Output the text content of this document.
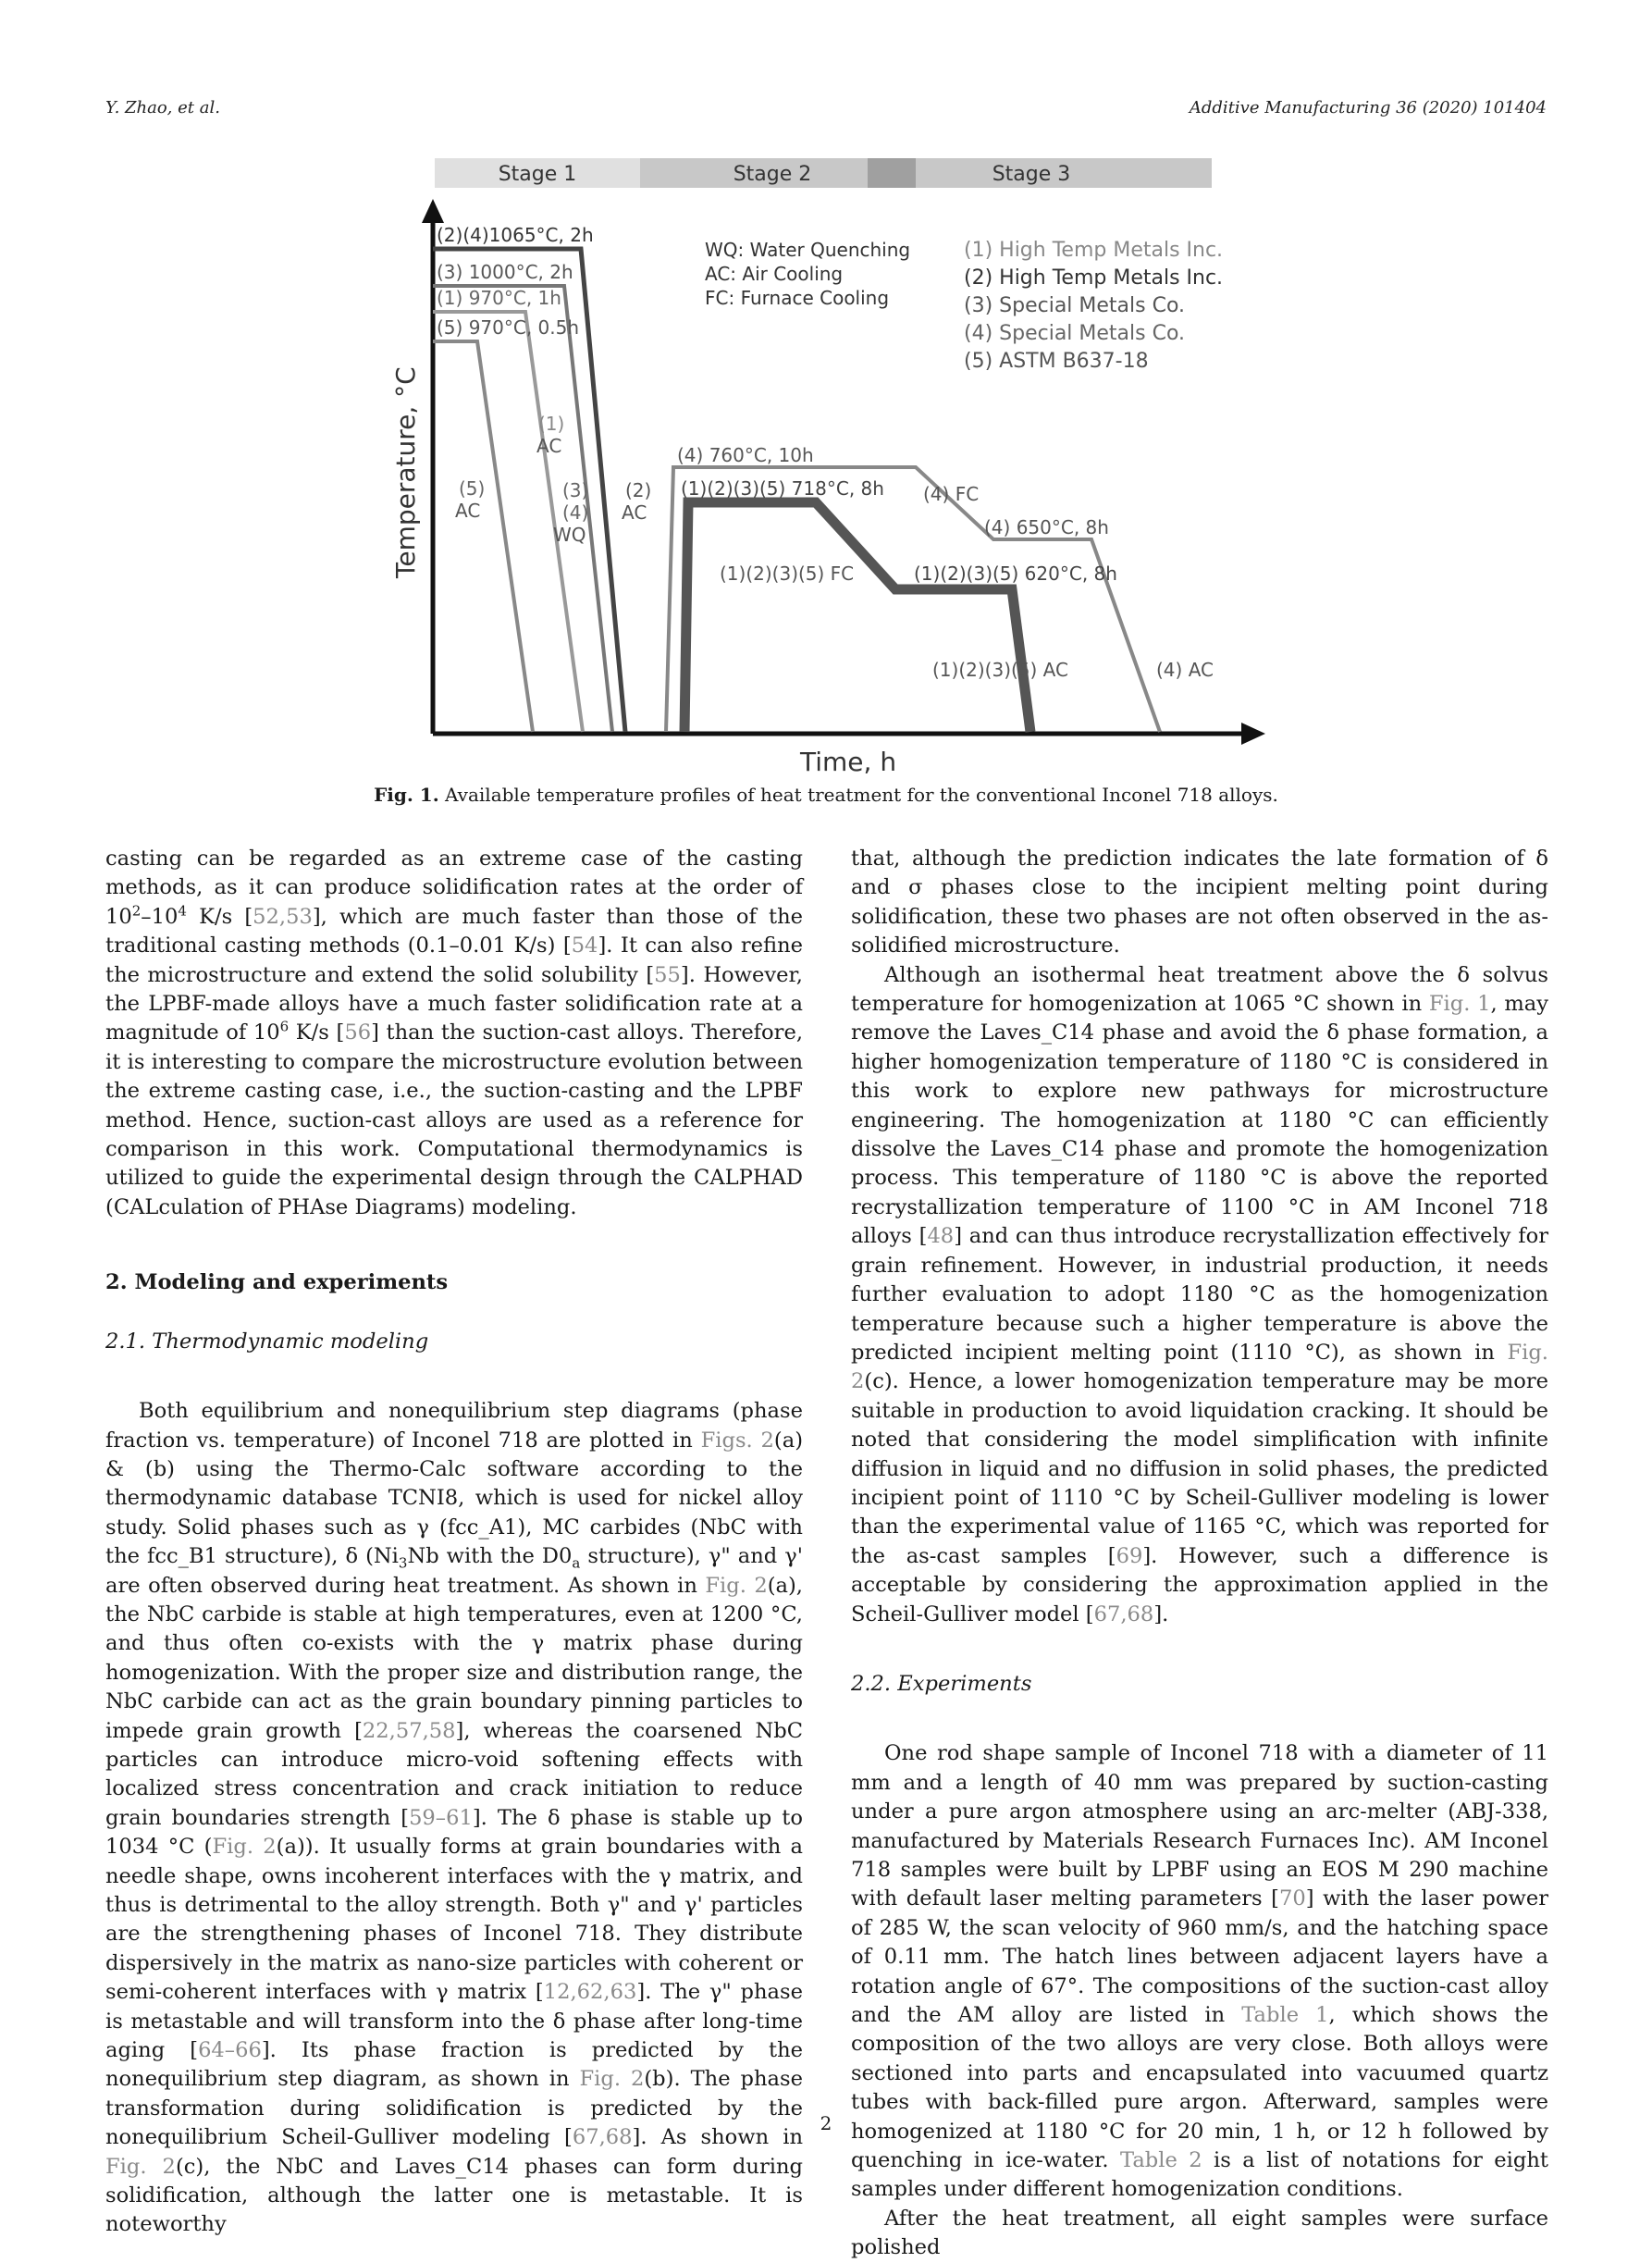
Y. Zhao, et al.	Additive Manufacturing 36 (2020) 101404
Stage 1	Stage 2	Stage 3
Temperature, °C
Time, h
(2)(4)1065°C, 2h
(3) 1000°C, 2h
(1) 970°C, 1h
(5) 970°C, 0.5h
(1)
AC
(5)
AC
(3)
(4)
WQ
(2)
AC
(4) 760°C, 10h
(1)(2)(3)(5) 718°C, 8h (4) FC
(1)(2)(3)(5) FC
(4) 650°C, 8h
(1)(2)(3)(5) 620°C, 8h
(1)(2)(3)(5) AC	(4) AC
WQ: Water Quenching
AC: Air Cooling
FC: Furnace Cooling
(1) High Temp Metals Inc.
(2) High Temp Metals Inc.
(3) Special Metals Co.
(4) Special Metals Co.
(5) ASTM B637-18
Fig. 1. Available temperature profiles of heat treatment for the conventional Inconel 718 alloys.

casting can be regarded as an extreme case of the casting methods, as it can produce solidification rates at the order of $10^2-10^4$ K/s [52,53], which are much faster than those of the traditional casting methods (0.1–0.01 K/s) [54]. It can also refine the microstructure and extend the solid solubility [55]. However, the LPBF-made alloys have a much faster solidification rate at a magnitude of $10^6$ K/s [56] than the suction-cast alloys. Therefore, it is interesting to compare the microstructure evolution between the extreme casting case, i.e., the suction-casting and the LPBF method. Hence, suction-cast alloys are used as a reference for comparison in this work. Computational thermodynamics is utilized to guide the experimental design through the CALPHAD (CALculation of PHAse Diagrams) modeling.

2. Modeling and experiments

2.1. Thermodynamic modeling

Both equilibrium and nonequilibrium step diagrams (phase fraction vs. temperature) of Inconel 718 are plotted in Figs. 2(a) & (b) using the Thermo-Calc software according to the thermodynamic database TCNI8, which is used for nickel alloy study. Solid phases such as γ (fcc_A1), MC carbides (NbC with the fcc_B1 structure), δ ($Ni_3Nb$ with the $D0_a$ structure), γ" and γ' are often observed during heat treatment. As shown in Fig. 2(a), the NbC carbide is stable at high temperatures, even at 1200 °C, and thus often co-exists with the γ matrix phase during homogenization. With the proper size and distribution range, the NbC carbide can act as the grain boundary pinning particles to impede grain growth [22,57,58], whereas the coarsened NbC particles can introduce micro-void softening effects with localized stress concentration and crack initiation to reduce grain boundaries strength [59–61]. The δ phase is stable up to 1034 °C (Fig. 2(a)). It usually forms at grain boundaries with a needle shape, owns incoherent interfaces with the γ matrix, and thus is detrimental to the alloy strength. Both γ" and γ' particles are the strengthening phases of Inconel 718. They distribute dispersively in the matrix as nano-size particles with coherent or semi-coherent interfaces with γ matrix [12,62,63]. The γ" phase is metastable and will transform into the δ phase after long-time aging [64–66]. Its phase fraction is predicted by the nonequilibrium step diagram, as shown in Fig. 2(b). The phase transformation during solidification is predicted by the nonequilibrium Scheil-Gulliver modeling [67,68]. As shown in Fig. 2(c), the NbC and Laves_C14 phases can form during solidification, although the latter one is metastable. It is noteworthy

that, although the prediction indicates the late formation of δ and σ phases close to the incipient melting point during solidification, these two phases are not often observed in the as-solidified microstructure.

Although an isothermal heat treatment above the δ solvus temperature for homogenization at 1065 °C shown in Fig. 1, may remove the Laves_C14 phase and avoid the δ phase formation, a higher homogenization temperature of 1180 °C is considered in this work to explore new pathways for microstructure engineering. The homogenization at 1180 °C can efficiently dissolve the Laves_C14 phase and promote the homogenization process. This temperature of 1180 °C is above the reported recrystallization temperature of 1100 °C in AM Inconel 718 alloys [48] and can thus introduce recrystallization effectively for grain refinement. However, in industrial production, it needs further evaluation to adopt 1180 °C as the homogenization temperature because such a higher temperature is above the predicted incipient melting point (1110 °C), as shown in Fig. 2(c). Hence, a lower homogenization temperature may be more suitable in production to avoid liquidation cracking. It should be noted that considering the model simplification with infinite diffusion in liquid and no diffusion in solid phases, the predicted incipient point of 1110 °C by Scheil-Gulliver modeling is lower than the experimental value of 1165 °C, which was reported for the as-cast samples [69]. However, such a difference is acceptable by considering the approximation applied in the Scheil-Gulliver model [67,68].

2.2. Experiments

One rod shape sample of Inconel 718 with a diameter of 11 mm and a length of 40 mm was prepared by suction-casting under a pure argon atmosphere using an arc-melter (ABJ-338, manufactured by Materials Research Furnaces Inc). AM Inconel 718 samples were built by LPBF using an EOS M 290 machine with default laser melting parameters [70] with the laser power of 285 W, the scan velocity of 960 mm/s, and the hatching space of 0.11 mm. The hatch lines between adjacent layers have a rotation angle of 67°. The compositions of the suction-cast alloy and the AM alloy are listed in Table 1, which shows the composition of the two alloys are very close. Both alloys were sectioned into parts and encapsulated into vacuumed quartz tubes with back-filled pure argon. Afterward, samples were homogenized at 1180 °C for 20 min, 1 h, or 12 h followed by quenching in ice-water. Table 2 is a list of notations for eight samples under different homogenization conditions.

After the heat treatment, all eight samples were surface polished

2
